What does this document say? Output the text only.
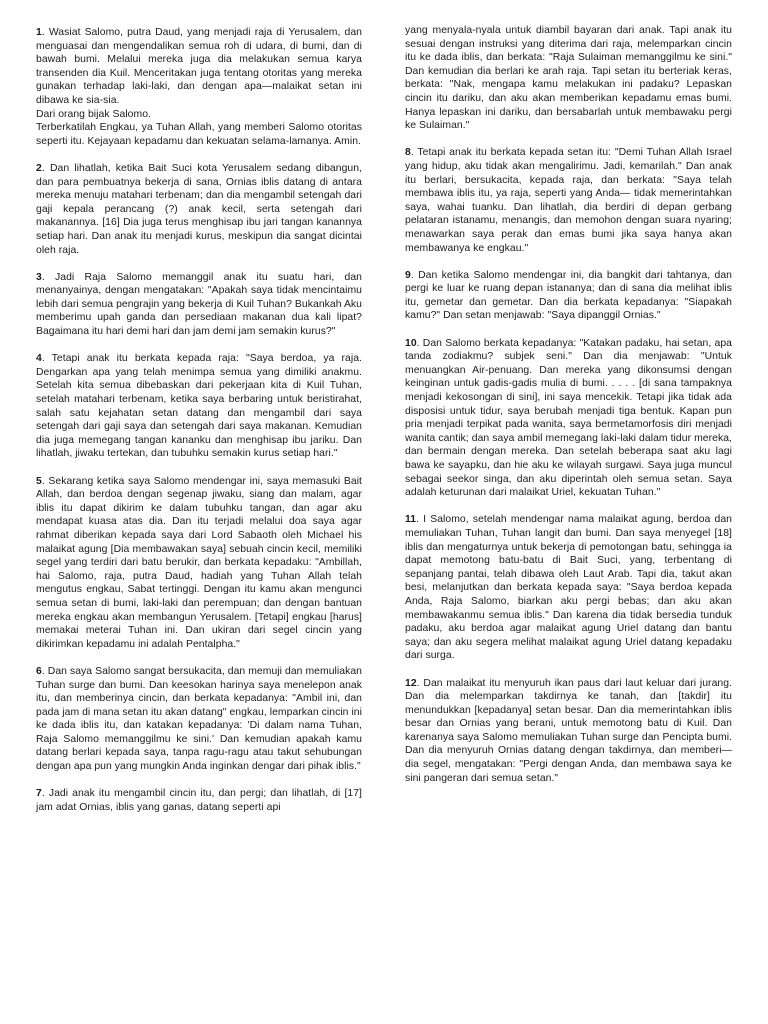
1. Wasiat Salomo, putra Daud, yang menjadi raja di Yerusalem, dan menguasai dan mengendalikan semua roh di udara, di bumi, dan di bawah bumi. Melalui mereka juga dia melakukan semua karya transenden dia Kuil. Menceritakan juga tentang otoritas yang mereka gunakan terhadap laki-laki, dan dengan apa—malaikat setan ini dibawa ke sia-sia.
Dari orang bijak Salomo.
Terberkatilah Engkau, ya Tuhan Allah, yang memberi Salomo otoritas seperti itu. Kejayaan kepadamu dan kekuatan selama-lamanya. Amin.

2. Dan lihatlah, ketika Bait Suci kota Yerusalem sedang dibangun, dan para pembuatnya bekerja di sana, Ornias iblis datang di antara mereka menuju matahari terbenam; dan dia mengambil setengah dari gaji kepala perancang (?) anak kecil, serta setengah dari makanannya. [16] Dia juga terus menghisap ibu jari tangan kanannya setiap hari. Dan anak itu menjadi kurus, meskipun dia sangat dicintai oleh raja.

3. Jadi Raja Salomo memanggil anak itu suatu hari, dan menanyainya, dengan mengatakan: "Apakah saya tidak mencintaimu lebih dari semua pengrajin yang bekerja di Kuil Tuhan? Bukankah Aku memberimu upah ganda dan persediaan makanan dua kali lipat? Bagaimana itu hari demi hari dan jam demi jam semakin kurus?"

4. Tetapi anak itu berkata kepada raja: "Saya berdoa, ya raja. Dengarkan apa yang telah menimpa semua yang dimiliki anakmu. Setelah kita semua dibebaskan dari pekerjaan kita di Kuil Tuhan, setelah matahari terbenam, ketika saya berbaring untuk beristirahat, salah satu kejahatan setan datang dan mengambil dari saya setengah dari gaji saya dan setengah dari saya makanan. Kemudian dia juga memegang tangan kananku dan menghisap ibu jariku. Dan lihatlah, jiwaku tertekan, dan tubuhku semakin kurus setiap hari."

5. Sekarang ketika saya Salomo mendengar ini, saya memasuki Bait Allah, dan berdoa dengan segenap jiwaku, siang dan malam, agar iblis itu dapat dikirim ke dalam tubuhku tangan, dan agar aku mendapat kuasa atas dia. Dan itu terjadi melalui doa saya agar rahmat diberikan kepada saya dari Lord Sabaoth oleh Michael his malaikat agung [Dia membawakan saya] sebuah cincin kecil, memiliki segel yang terdiri dari batu berukir, dan berkata kepadaku: "Ambillah, hai Salomo, raja, putra Daud, hadiah yang Tuhan Allah telah mengutus engkau, Sabat tertinggi. Dengan itu kamu akan mengunci semua setan di bumi, laki-laki dan perempuan; dan dengan bantuan mereka engkau akan membangun Yerusalem. [Tetapi] engkau [harus] memakai meterai Tuhan ini. Dan ukiran dari segel cincin yang dikirimkan kepadamu ini adalah Pentalpha."

6. Dan saya Salomo sangat bersukacita, dan memuji dan memuliakan Tuhan surge dan bumi. Dan keesokan harinya saya menelepon anak itu, dan memberinya cincin, dan berkata kepadanya: "Ambil ini, dan pada jam di mana setan itu akan datang" engkau, lemparkan cincin ini ke dada iblis itu, dan katakan kepadanya: 'Di dalam nama Tuhan, Raja Salomo memanggilmu ke sini.' Dan kemudian apakah kamu datang berlari kepada saya, tanpa ragu-ragu atau takut sehubungan dengan apa pun yang mungkin Anda inginkan dengar dari pihak iblis."

7. Jadi anak itu mengambil cincin itu, dan pergi; dan lihatlah, di [17] jam adat Ornias, iblis yang ganas, datang seperti api

yang menyala-nyala untuk diambil bayaran dari anak. Tapi anak itu sesuai dengan instruksi yang diterima dari raja, melemparkan cincin itu ke dada iblis, dan berkata: "Raja Sulaiman memanggilmu ke sini." Dan kemudian dia berlari ke arah raja. Tapi setan itu berteriak keras, berkata: "Nak, mengapa kamu melakukan ini padaku? Lepaskan cincin itu dariku, dan aku akan memberikan kepadamu emas bumi. Hanya lepaskan ini dariku, dan bersabarlah untuk membawaku pergi ke Sulaiman."

8. Tetapi anak itu berkata kepada setan itu: "Demi Tuhan Allah Israel yang hidup, aku tidak akan mengalirimu. Jadi, kemarilah." Dan anak itu berlari, bersukacita, kepada raja, dan berkata: "Saya telah membawa iblis itu, ya raja, seperti yang Anda— tidak memerintahkan saya, wahai tuanku. Dan lihatlah, dia berdiri di depan gerbang pelataran istanamu, menangis, dan memohon dengan suara nyaring; menawarkan saya perak dan emas bumi jika saya hanya akan membawanya ke engkau."

9. Dan ketika Salomo mendengar ini, dia bangkit dari tahtanya, dan pergi ke luar ke ruang depan istananya; dan di sana dia melihat iblis itu, gemetar dan gemetar. Dan dia berkata kepadanya: "Siapakah kamu?" Dan setan menjawab: "Saya dipanggil Ornias."

10. Dan Salomo berkata kepadanya: "Katakan padaku, hai setan, apa tanda zodiakmu? subjek seni." Dan dia menjawab: "Untuk menuangkan Air-penuang. Dan mereka yang dikonsumsi dengan keinginan untuk gadis-gadis mulia di bumi. . . . . [di sana tampaknya menjadi kekosongan di sini], ini saya mencekik. Tetapi jika tidak ada disposisi untuk tidur, saya berubah menjadi tiga bentuk. Kapan pun pria menjadi terpikat pada wanita, saya bermetamorfosis diri menjadi wanita cantik; dan saya ambil memegang laki-laki dalam tidur mereka, dan bermain dengan mereka. Dan setelah beberapa saat aku lagi bawa ke sayapku, dan hie aku ke wilayah surgawi. Saya juga muncul sebagai seekor singa, dan aku diperintah oleh semua setan. Saya adalah keturunan dari malaikat Uriel, kekuatan Tuhan."

11. I Salomo, setelah mendengar nama malaikat agung, berdoa dan memuliakan Tuhan, Tuhan langit dan bumi. Dan saya menyegel [18] iblis dan mengaturnya untuk bekerja di pemotongan batu, sehingga ia dapat memotong batu-batu di Bait Suci, yang, terbentang di sepanjang pantai, telah dibawa oleh Laut Arab. Tapi dia, takut akan besi, melanjutkan dan berkata kepada saya: "Saya berdoa kepada Anda, Raja Salomo, biarkan aku pergi bebas; dan aku akan membawakanmu semua iblis." Dan karena dia tidak bersedia tunduk padaku, aku berdoa agar malaikat agung Uriel datang dan bantu saya; dan aku segera melihat malaikat agung Uriel datang kepadaku dari surga.

12. Dan malaikat itu menyuruh ikan paus dari laut keluar dari jurang. Dan dia melemparkan takdirnya ke tanah, dan [takdir] itu menundukkan [kepadanya] setan besar. Dan dia memerintahkan iblis besar dan Ornias yang berani, untuk memotong batu di Kuil. Dan karenanya saya Salomo memuliakan Tuhan surge dan Pencipta bumi. Dan dia menyuruh Ornias datang dengan takdirnya, dan memberi— dia segel, mengatakan: "Pergi dengan Anda, dan membawa saya ke sini pangeran dari semua setan."
